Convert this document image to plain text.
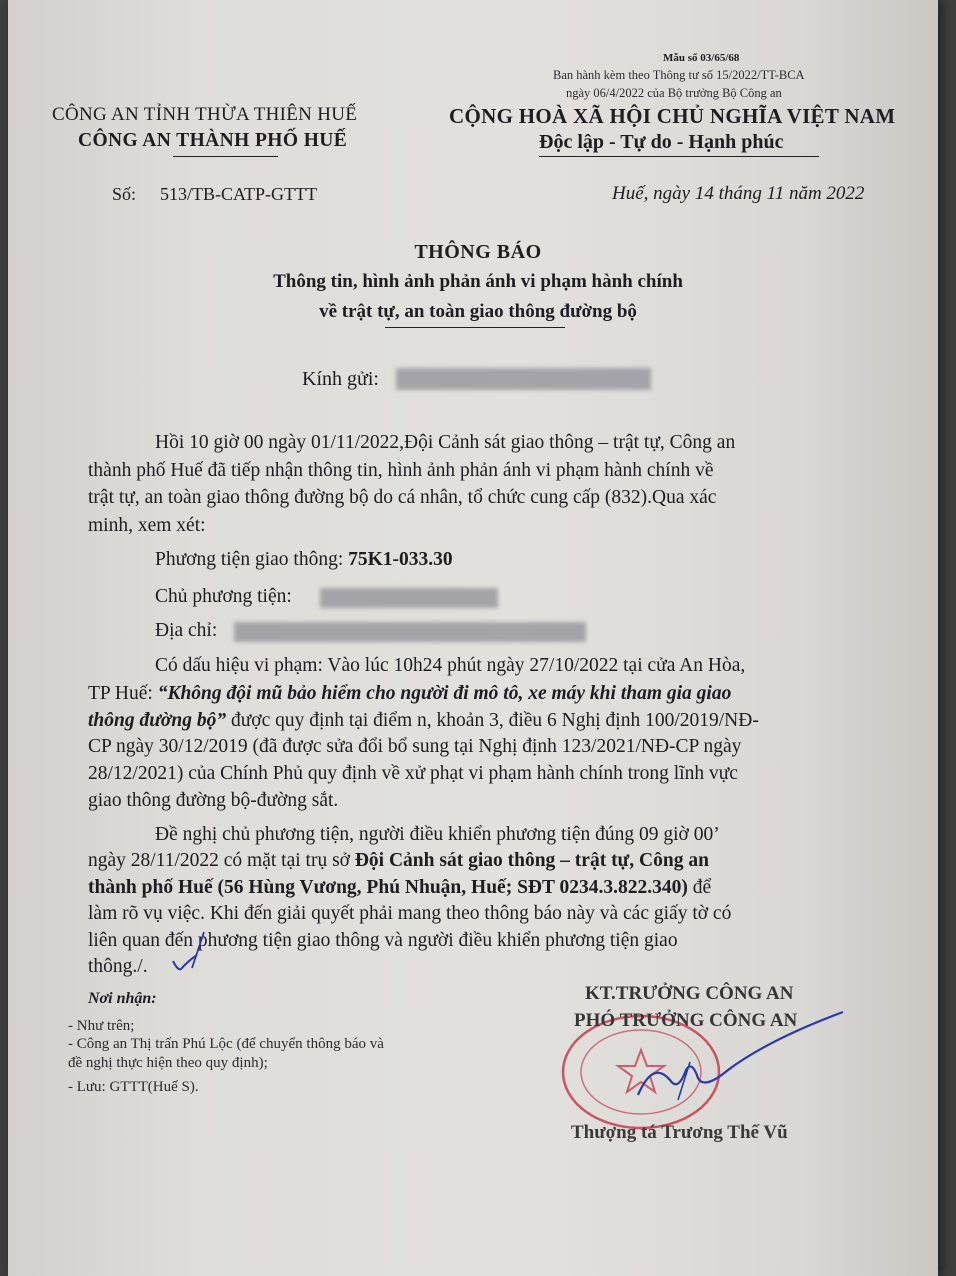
Mẫu số 03/65/68
Ban hành kèm theo Thông tư số 15/2022/TT-BCA
ngày 06/4/2022 của Bộ trưởng Bộ Công an
CÔNG AN TỈNH THỪA THIÊN HUẾ
CÔNG AN THÀNH PHỐ HUẾ
CỘNG HOÀ XÃ HỘI CHỦ NGHĨA VIỆT NAM
Độc lập - Tự do - Hạnh phúc
Số: 513/TB-CATP-GTTT	Huế, ngày 14 tháng 11 năm 2022
THÔNG BÁO
Thông tin, hình ảnh phản ánh vi phạm hành chính
về trật tự, an toàn giao thông đường bộ
Kính gửi:
Hồi 10 giờ 00 ngày 01/11/2022,Đội Cảnh sát giao thông – trật tự, Công an
thành phố Huế đã tiếp nhận thông tin, hình ảnh phản ánh vi phạm hành chính về
trật tự, an toàn giao thông đường bộ do cá nhân, tổ chức cung cấp (832).Qua xác
minh, xem xét:
Phương tiện giao thông: 75K1-033.30
Chủ phương tiện:
Địa chỉ:
Có dấu hiệu vi phạm: Vào lúc 10h24 phút ngày 27/10/2022 tại cửa An Hòa,
TP Huế: “Không đội mũ bảo hiểm cho người đi mô tô, xe máy khi tham gia giao
thông đường bộ” được quy định tại điểm n, khoản 3, điều 6 Nghị định 100/2019/NĐ-
CP ngày 30/12/2019 (đã được sửa đổi bổ sung tại Nghị định 123/2021/NĐ-CP ngày
28/12/2021) của Chính Phủ quy định về xử phạt vi phạm hành chính trong lĩnh vực
giao thông đường bộ-đường sắt.
Đề nghị chủ phương tiện, người điều khiển phương tiện đúng 09 giờ 00’
ngày 28/11/2022 có mặt tại trụ sở Đội Cảnh sát giao thông – trật tự, Công an
thành phố Huế (56 Hùng Vương, Phú Nhuận, Huế; SĐT 0234.3.822.340) để
làm rõ vụ việc. Khi đến giải quyết phải mang theo thông báo này và các giấy tờ có
liên quan đến phương tiện giao thông và người điều khiển phương tiện giao
thông./.
Nơi nhận:
- Như trên;
- Công an Thị trấn Phú Lộc (để chuyển thông báo và
đề nghị thực hiện theo quy định);
- Lưu: GTTT(Huế S).
KT.TRƯỞNG CÔNG AN
PHÓ TRƯỞNG CÔNG AN
Thượng tá Trương Thế Vũ
